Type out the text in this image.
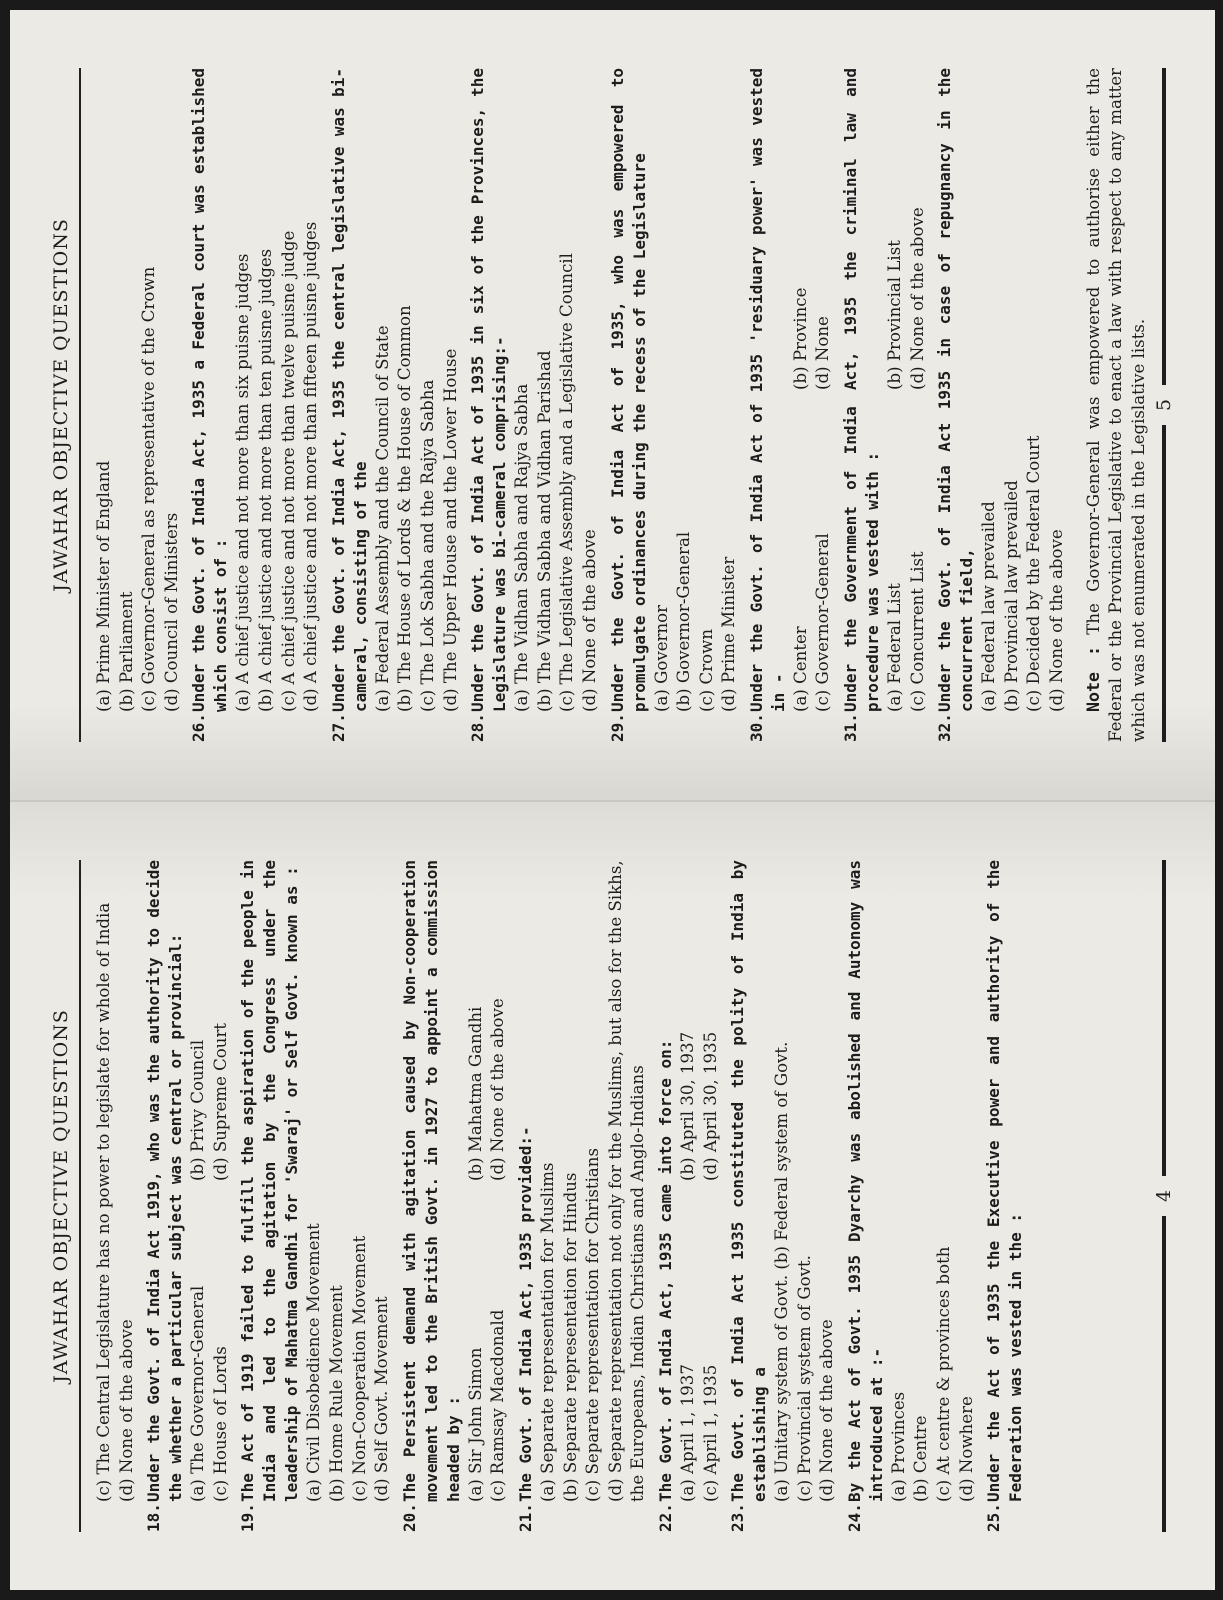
JAWAHAR OBJECTIVE QUESTIONS	(c) The Central Legislature has no power to legislate for whole of India (d) None of the above
18.
Under the Govt. of India Act 1919, who was the authority to decide the whether a particular subject was central or provincial: (a) The Governor-General
(b) Privy Council
(c) House of Lords
(d) Supreme Court
19.
The Act of 1919 failed to fulfill the aspiration of the people in India and led to the agitation by the Congress under the leadership of Mahatma Gandhi for 'Swaraj' or Self Govt. known as : (a) Civil Disobedience Movement (b) Home Rule Movement (c) Non-Cooperation Movement (d) Self Govt. Movement
20.
The Persistent demand with agitation caused by Non-cooperation movement led to the British Govt. in 1927 to appoint a commission headed by : (a) Sir John Simon
(b) Mahatma Gandhi
(c) Ramsay Macdonald
(d) None of the above
21.
The Govt. of India Act, 1935 provided:- (a) Separate representation for Muslims (b) Separate representation for Hindus (c) Separate representation for Christians (d) Separate representation not only for the Muslims, but also for the Sikhs, the Europeans, Indian Christians and Anglo-Indians
22.
The Govt. of India Act, 1935 came into force on: (a) April 1, 1937
(b) April 30, 1937
(c) April 1, 1935
(d) April 30, 1935
23.
The Govt. of India Act 1935 constituted the polity of India by establishing a (a) Unitary system of Govt. (b) Federal system of Govt. (c) Provincial system of Govt. (d) None of the above
24.
By the Act of Govt. 1935 Dyarchy was abolished and Autonomy was introduced at :- (a) Provinces (b) Centre (c) At centre & provinces both (d) Nowhere
25.
Under the Act of 1935 the Executive power and authority of the Federation was vested in the :
4
JAWAHAR OBJECTIVE QUESTIONS	(a) Prime Minister of England (b) Parliament (c) Governor-General as representative of the Crown (d) Council of Ministers
26.
Under the Govt. of India Act, 1935 a Federal court was established which consist of : (a) A chief justice and not more than six puisne judges (b) A chief justice and not more than ten puisne judges (c) A chief justice and not more than twelve puisne judge (d) A chief justice and not more than fifteen puisne judges
27.
Under the Govt. of India Act, 1935 the central legislative was bi-cameral, consisting of the (a) Federal Assembly and the Council of State (b) The House of Lords & the House of Common (c) The Lok Sabha and the Rajya Sabha (d) The Upper House and the Lower House
28.
Under the Govt. of India Act of 1935 in six of the Provinces, the Legislature was bi-cameral comprising:- (a) The Vidhan Sabha and Rajya Sabha (b) The Vidhan Sabha and Vidhan Parishad (c) The Legislative Assembly and a Legislative Council (d) None of the above
29.
Under the Govt. of India Act of 1935, who was empowered to promulgate ordinances during the recess of the Legislature (a) Governor (b) Governor-General (c) Crown (d) Prime Minister
30.
Under the Govt. of India Act of 1935 'residuary power' was vested in - (a) Center
(b) Province
(c) Governor-General
(d) None
31.
Under the Government of India Act, 1935 the criminal law and procedure was vested with : (a) Federal List
(b) Provincial List
(c) Concurrent List
(d) None of the above
32.
Under the Govt. of India Act 1935 in case of repugnancy in the concurrent field, (a) Federal law prevailed (b) Provincial law prevailed (c) Decided by the Federal Court (d) None of the above Note : The Governor-General was empowered to authorise either the Federal or the Provincial Legislative to enact a law with respect to any matter which was not enumerated in the Legislative lists. 5
